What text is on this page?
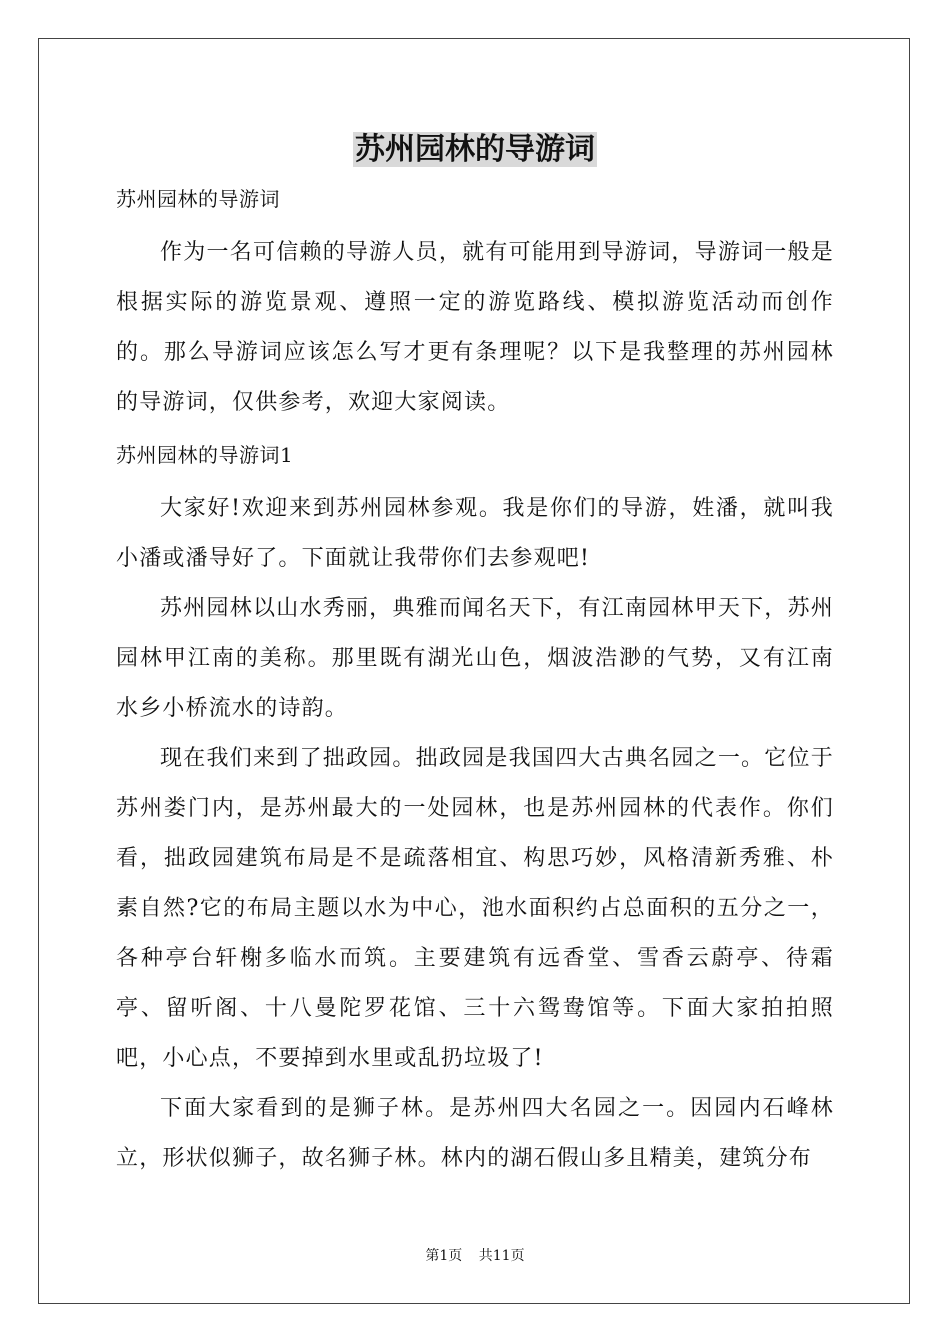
苏州园林的导游词
苏州园林的导游词

作为一名可信赖的导游人员，就有可能用到导游词，导游词一般是根据实际的游览景观、遵照一定的游览路线、模拟游览活动而创作的。那么导游词应该怎么写才更有条理呢？以下是我整理的苏州园林的导游词，仅供参考，欢迎大家阅读。

苏州园林的导游词1

大家好!欢迎来到苏州园林参观。我是你们的导游，姓潘，就叫我小潘或潘导好了。下面就让我带你们去参观吧!

苏州园林以山水秀丽，典雅而闻名天下，有江南园林甲天下，苏州园林甲江南的美称。那里既有湖光山色，烟波浩渺的气势，又有江南水乡小桥流水的诗韵。

现在我们来到了拙政园。拙政园是我国四大古典名园之一。它位于苏州娄门内，是苏州最大的一处园林，也是苏州园林的代表作。你们看，拙政园建筑布局是不是疏落相宜、构思巧妙，风格清新秀雅、朴素自然?它的布局主题以水为中心，池水面积约占总面积的五分之一，各种亭台轩榭多临水而筑。主要建筑有远香堂、雪香云蔚亭、待霜亭、留听阁、十八曼陀罗花馆、三十六鸳鸯馆等。下面大家拍拍照吧，小心点，不要掉到水里或乱扔垃圾了!

下面大家看到的是狮子林。是苏州四大名园之一。因园内石峰林立，形状似狮子，故名狮子林。林内的湖石假山多且精美，建筑分布

第1页 共11页
